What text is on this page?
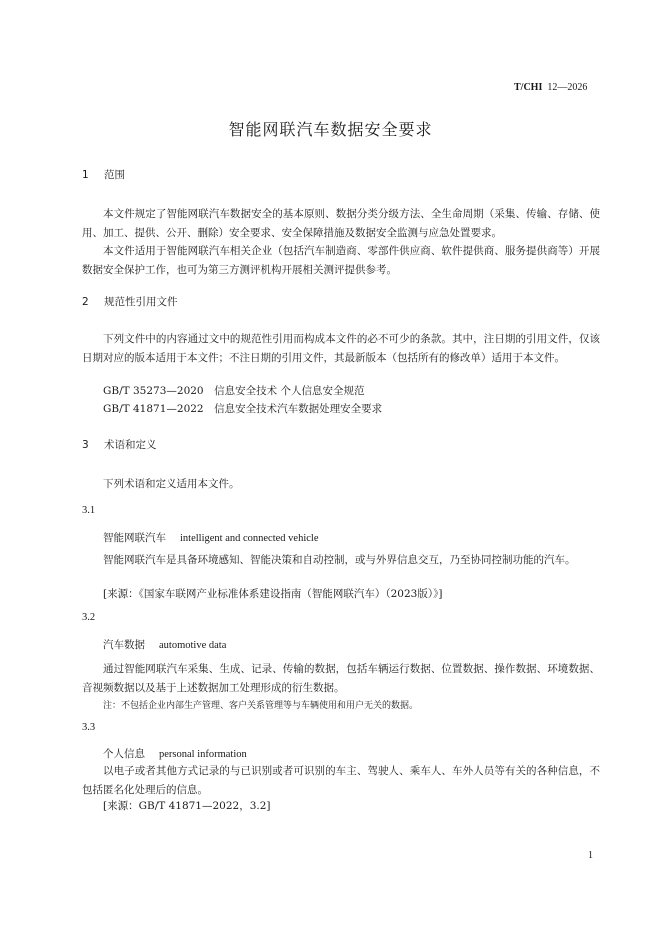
T/CHI 12—2026
智能网联汽车数据安全要求
1 范围
本文件规定了智能网联汽车数据安全的基本原则、数据分类分级方法、全生命周期（采集、传输、存储、使用、加工、提供、公开、删除）安全要求、安全保障措施及数据安全监测与应急处置要求。
本文件适用于智能网联汽车相关企业（包括汽车制造商、零部件供应商、软件提供商、服务提供商等）开展数据安全保护工作，也可为第三方测评机构开展相关测评提供参考。
2 规范性引用文件
下列文件中的内容通过文中的规范性引用而构成本文件的必不可少的条款。其中，注日期的引用文件，仅该日期对应的版本适用于本文件；不注日期的引用文件，其最新版本（包括所有的修改单）适用于本文件。
GB/T 35273—2020　信息安全技术 个人信息安全规范
GB/T 41871—2022　信息安全技术汽车数据处理安全要求
3 术语和定义
下列术语和定义适用本文件。
3.1
智能网联汽车 intelligent and connected vehicle
智能网联汽车是具备环境感知、智能决策和自动控制，或与外界信息交互，乃至协同控制功能的汽车。
[来源：《国家车联网产业标准体系建设指南（智能网联汽车）（2023版）》]
3.2
汽车数据 automotive data
通过智能网联汽车采集、生成、记录、传输的数据，包括车辆运行数据、位置数据、操作数据、环境数据、音视频数据以及基于上述数据加工处理形成的衍生数据。
注：不包括企业内部生产管理、客户关系管理等与车辆使用和用户无关的数据。
3.3
个人信息 personal information
以电子或者其他方式记录的与已识别或者可识别的车主、驾驶人、乘车人、车外人员等有关的各种信息，不包括匿名化处理后的信息。
[来源：GB/T 41871—2022，3.2]
1
